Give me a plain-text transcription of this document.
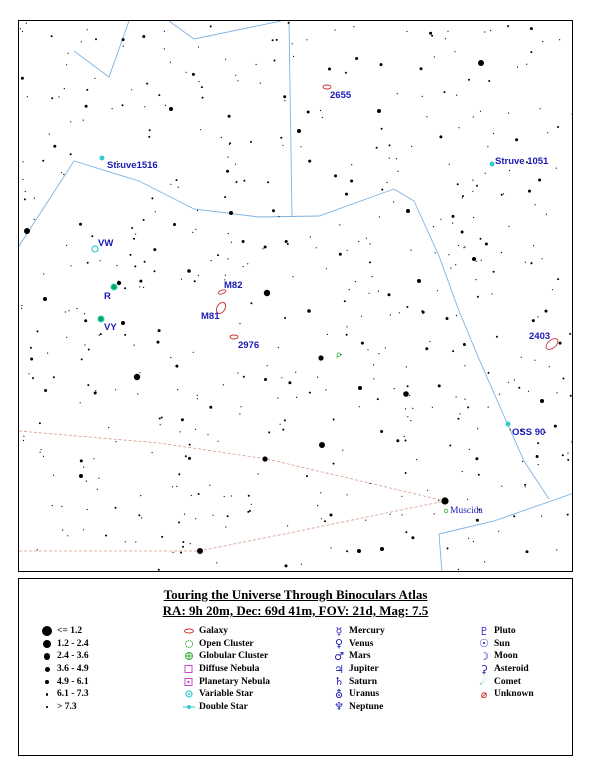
2655
Struve1516	Struve 1051
VW
R
VY
M82
M81
2976
2403
OSS 90
Muscida
ρ
Touring the Universe Through Binoculars Atlas
RA: 9h 20m, Dec: 69d 41m, FOV: 21d, Mag: 7.5
<= 1.2
1.2 - 2.4
2.4 - 3.6
3.6 - 4.9
4.9 - 6.1
6.1 - 7.3
> 7.3
Galaxy
Open Cluster
Globular Cluster
Diffuse Nebula
Planetary Nebula
Variable Star
Double Star
☿ Mercury
♀ Venus
♂ Mars
♃ Jupiter
♄ Saturn
⛢ Uranus
♆ Neptune
♇ Pluto
☉ Sun
☽ Moon
⚳ Asteroid
☄ Comet
⌀ Unknown
